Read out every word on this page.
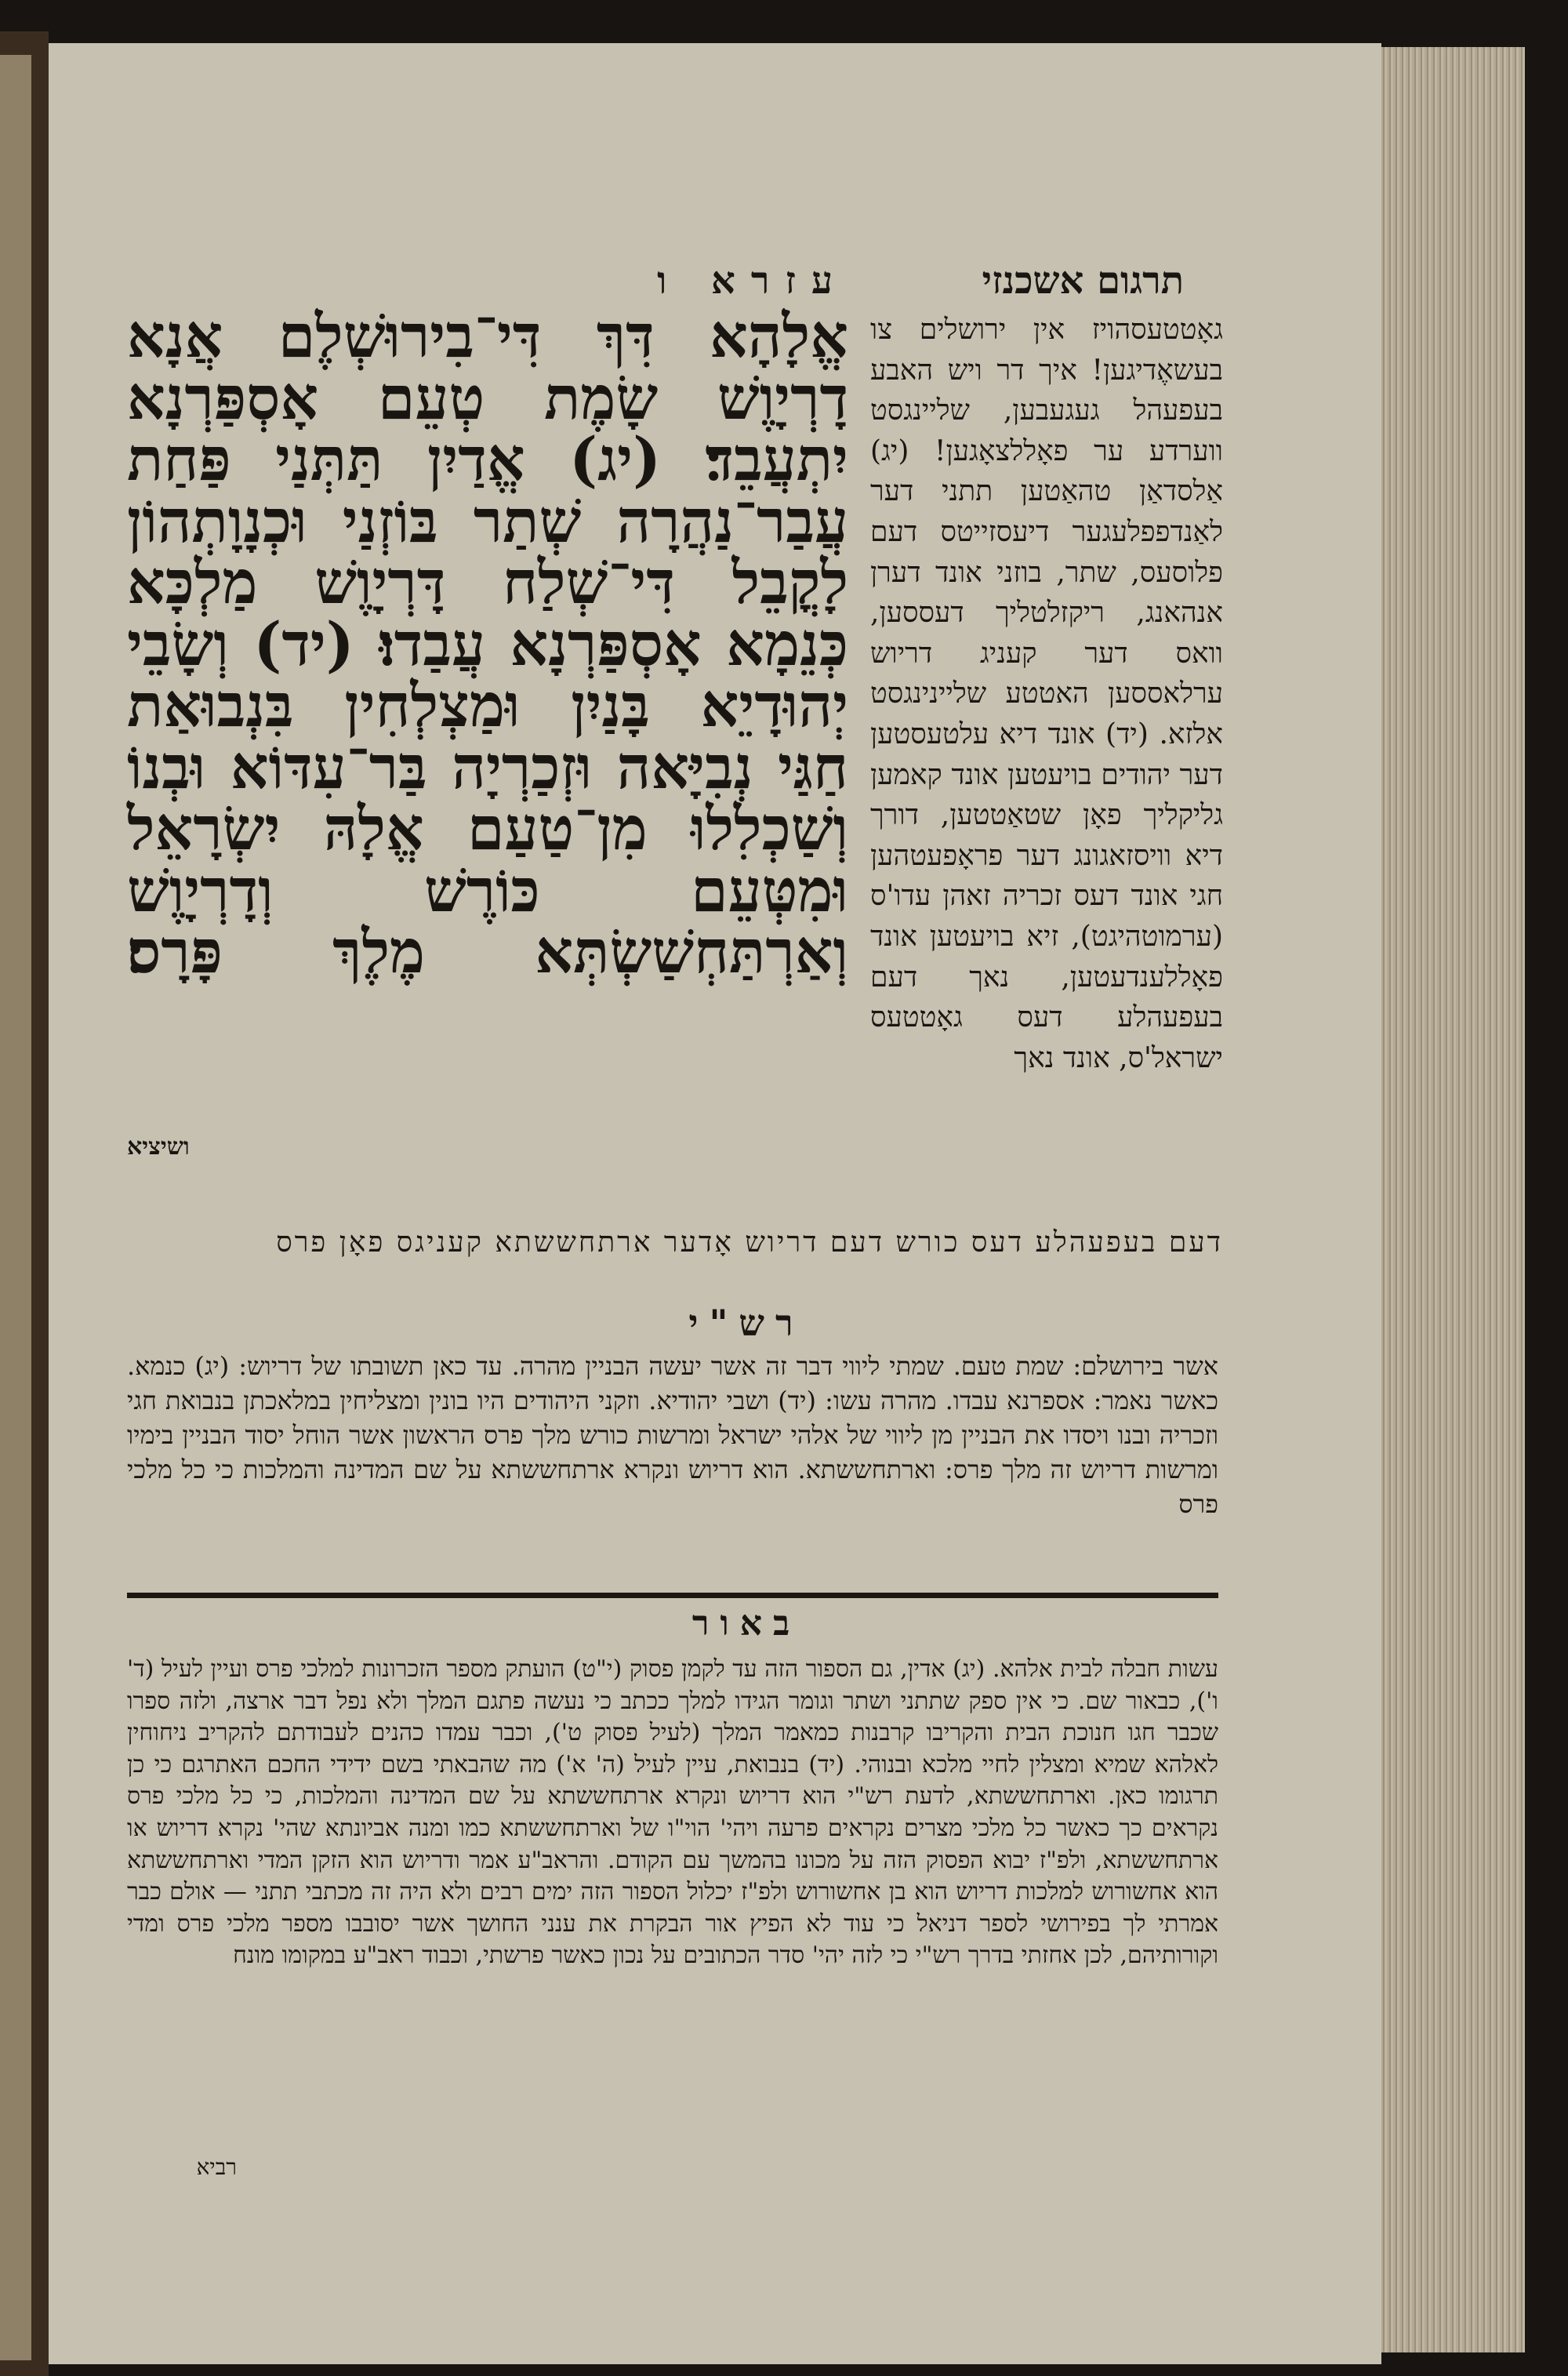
עזרא ו	תרגום אשכנזי
אֱלָהָא דִּךְ דִּי־בִירוּשְׁלֶם אֲנָא דָרְיָוֶשׁ שָׂמֶת טְעֵם אָסְפַּרְנָא יִתְעֲבֵד׃ (יג) אֱדַיִן תַּתְּנַי פַּחַת עֲבַר־נַהֲרָה שְׁתַר בּוֹזְנַי וּכְנָוָתְהוֹן לָקֳבֵל דִּי־שְׁלַח דָּרְיָוֶשׁ מַלְכָּא כְּנֵמָא אָסְפַּרְנָא עֲבַדוּ׃ (יד) וְשָׂבֵי יְהוּדָיֵא בָּנַיִן וּמַצְלְחִין בִּנְבוּאַת חַגַּי נְבִיָּאה וּזְכַרְיָה בַּר־עִדּוֹא וּבְנוֹ וְשַׁכְלִלוּ מִן־טַעַם אֱלָהּ יִשְׂרָאֵל וּמִטְּעֵם כּוֹרֶשׁ וְדָרְיָוֶשׁ וְאַרְתַּחְשַׁשְׂתְּא מֶלֶךְ פָּרָס׃
ושיציא
גאָטטעסהויז אין ירושלים צו בעשאֶדיגען! איך דר ויש האבע בעפעהל געגעבען, שליינגסט ווערדע ער פאָללצאָגען! (יג) אַלסדאַן טהאַטען תתני דער לאַנדפפלעגער דיעסזייטס דעם פלוסעס, שתר, בוזני אונד דערן אנהאנג, ריקזלטליך דעססען, וואס דער קעניג דריוש ערלאססען האטטע שליינינגסט אלזא. (יד) אונד דיא עלטעסטען דער יהודים בויעטען אונד קאמען גליקליך פאָן שטאַטטען, דורך דיא וויסזאגונג דער פראָפעטהען חגי אונד דעס זכריה זאהן עדו'ס (ערמוטהיגט), זיא בויעטען אונד פאָללענדעטען, נאך דעם בעפעהלע דעס גאָטטעס ישראל'ס, אונד נאך
דעם בעפעהלע דעס כורש דעם דריוש אָדער ארתחששתא קעניגס פאָן פרס
רש"י
אשר בירושלם: שמת טעם. שמתי ליווי דבר זה אשר יעשה הבניין מהרה. עד כאן תשובתו של דריוש: (יג) כנמא. כאשר נאמר: אספרנא עבדו. מהרה עשו: (יד) ושבי יהודיא. וזקני היהודים היו בונין ומצליחין במלאכתן בנבואת חגי וזכריה ובנו ויסדו את הבניין מן ליווי של אלהי ישראל ומרשות כורש מלך פרס הראשון אשר הוחל יסוד הבניין בימיו ומרשות דריוש זה מלך פרס: וארתחששתא. הוא דריוש ונקרא ארתחששתא על שם המדינה והמלכות כי כל מלכי פרס
באור
עשות חבלה לבית אלהא. (יג) אדין, גם הספור הזה עד לקמן פסוק (י"ט) הועתק מספר הזכרונות למלכי פרס ועיין לעיל (ד' ו'), כבאור שם. כי אין ספק שתתני ושתר וגומר הגידו למלך ככתב כי נעשה פתגם המלך ולא נפל דבר ארצה, ולזה ספרו שכבר חגו חנוכת הבית והקריבו קרבנות כמאמר המלך (לעיל פסוק ט'), וכבר עמדו כהנים לעבודתם להקריב ניחוחין לאלהא שמיא ומצלין לחיי מלכא ובנוהי. (יד) בנבואת, עיין לעיל (ה' א') מה שהבאתי בשם ידידי החכם האתרגם כי כן תרגומו כאן. וארתחששתא, לדעת רש"י הוא דריוש ונקרא ארתחששתא על שם המדינה והמלכות, כי כל מלכי פרס נקראים כך כאשר כל מלכי מצרים נקראים פרעה ויהי' הוי"ו של וארתחששתא כמו ומנה אביונתא שהי' נקרא דריוש או ארתחששתא, ולפ"ז יבוא הפסוק הזה על מכונו בהמשך עם הקודם. והראב"ע אמר ודריוש הוא הזקן המדי וארתחששתא הוא אחשורוש למלכות דריוש הוא בן אחשורוש ולפ"ז יכלול הספור הזה ימים רבים ולא היה זה מכתבי תתני — אולם כבר אמרתי לך בפירושי לספר דניאל כי עוד לא הפיץ אור הבקרת את ענני החושך אשר יסובבו מספר מלכי פרס ומדי וקורותיהם, לכן אחזתי בדרך רש"י כי לזה יהי' סדר הכתובים על נכון כאשר פרשתי, וכבוד ראב"ע במקומו מונח
רביא
